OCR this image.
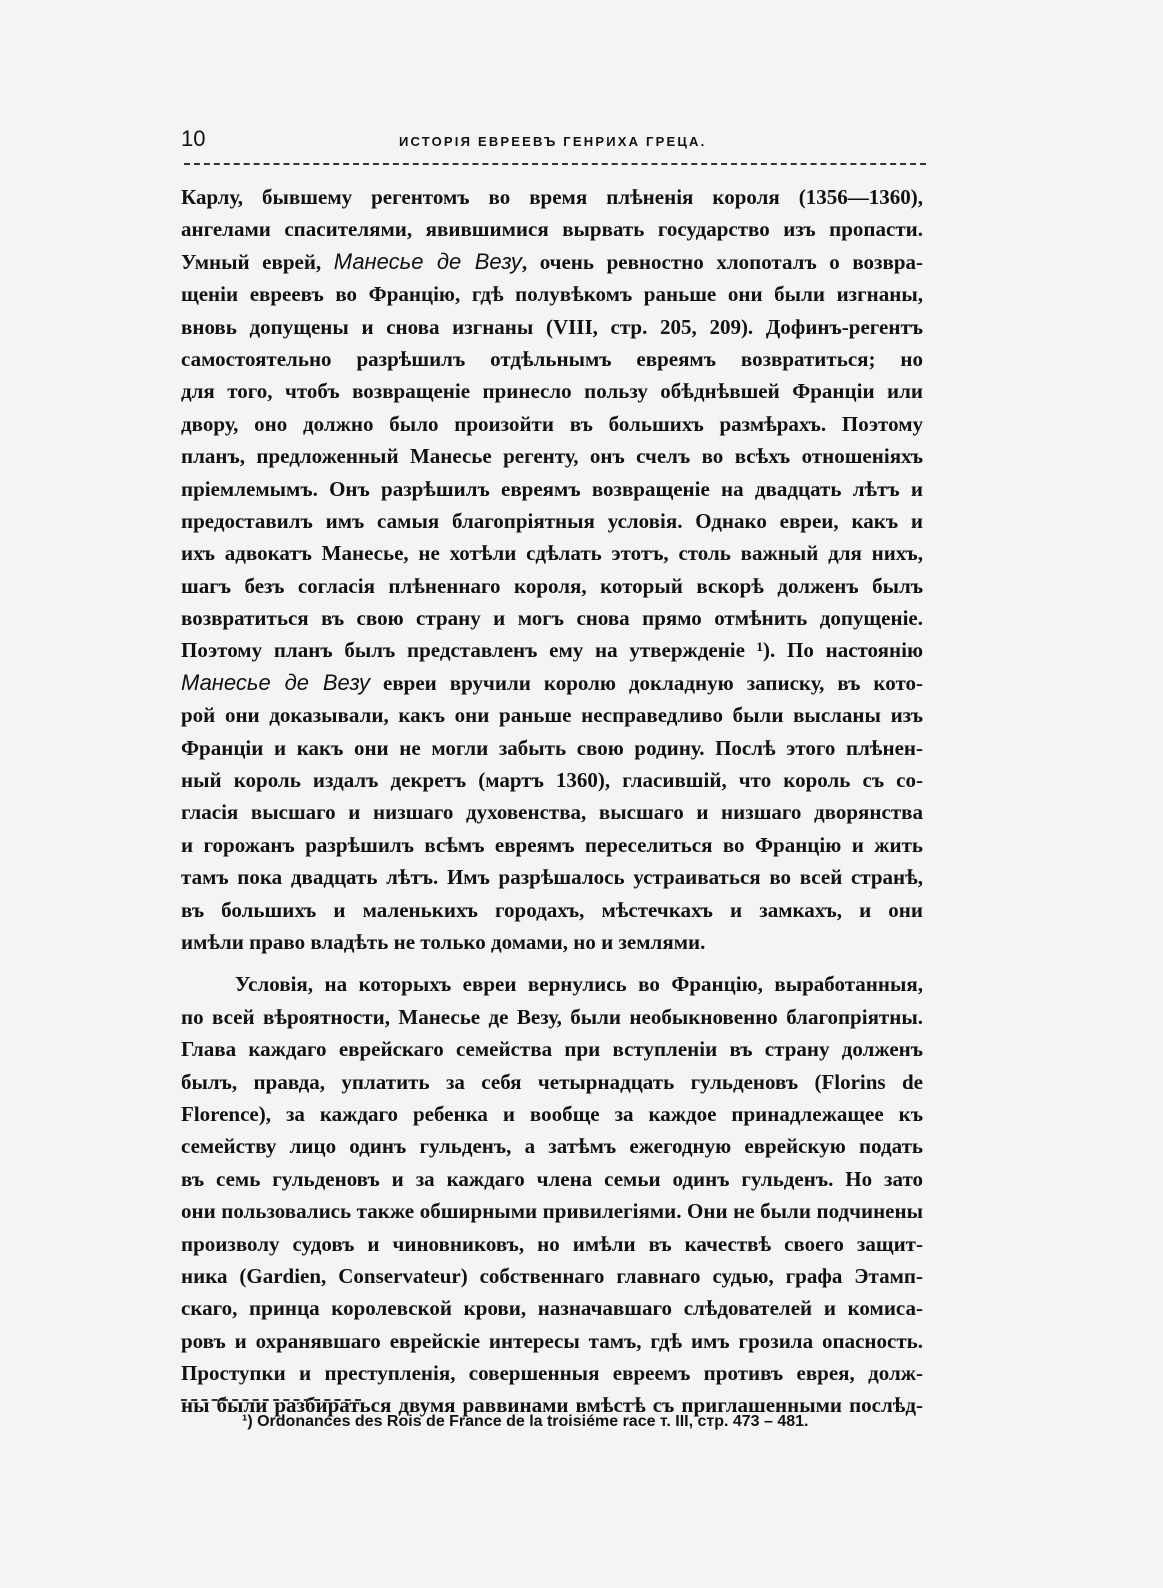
10	ИСТОРІЯ ЕВРЕЕВЪ ГЕНРИХА ГРЕЦА.
Карлу, бывшему регентомъ во время плѣненія короля (1356—1360),
ангелами спасителями, явившимися вырвать государство изъ пропасти.
Умный еврей, Манесье де Везу, очень ревностно хлопоталъ о возвра-
щеніи евреевъ во Францію, гдѣ полувѣкомъ раньше они были изгнаны,
вновь допущены и снова изгнаны (VIII, стр. 205, 209). Дофинъ-регентъ
самостоятельно разрѣшилъ отдѣльнымъ евреямъ возвратиться; но
для того, чтобъ возвращеніе принесло пользу обѣднѣвшей Франціи или
двору, оно должно было произойти въ большихъ размѣрахъ. Поэтому
планъ, предложенный Манесье регенту, онъ счелъ во всѣхъ отношеніяхъ
пріемлемымъ. Онъ разрѣшилъ евреямъ возвращеніе на двадцать лѣтъ и
предоставилъ имъ самыя благопріятныя условія. Однако евреи, какъ и
ихъ адвокатъ Манесье, не хотѣли сдѣлать этотъ, столь важный для нихъ,
шагъ безъ согласія плѣненнаго короля, который вскорѣ долженъ былъ
возвратиться въ свою страну и могъ снова прямо отмѣнить допущеніе.
Поэтому планъ былъ представленъ ему на утвержденіе ¹). По настоянію
Манесье де Везу евреи вручили королю докладную записку, въ кото-
рой они доказывали, какъ они раньше несправедливо были высланы изъ
Франціи и какъ они не могли забыть свою родину. Послѣ этого плѣнен-
ный король издалъ декретъ (мартъ 1360), гласившій, что король съ со-
гласія высшаго и низшаго духовенства, высшаго и низшаго дворянства
и горожанъ разрѣшилъ всѣмъ евреямъ переселиться во Францію и жить
тамъ пока двадцать лѣтъ. Имъ разрѣшалось устраиваться во всей странѣ,
въ большихъ и маленькихъ городахъ, мѣстечкахъ и замкахъ, и они
имѣли право владѣть не только домами, но и землями.
Условія, на которыхъ евреи вернулись во Францію, выработанныя,
по всей вѣроятности, Манесье де Везу, были необыкновенно благопріятны.
Глава каждаго еврейскаго семейства при вступленіи въ страну долженъ
былъ, правда, уплатить за себя четырнадцать гульденовъ (Florins de
Florence), за каждаго ребенка и вообще за каждое принадлежащее къ
семейству лицо одинъ гульденъ, а затѣмъ ежегодную еврейскую подать
въ семь гульденовъ и за каждаго члена семьи одинъ гульденъ. Но зато
они пользовались также обширными привилегіями. Они не были подчинены
произволу судовъ и чиновниковъ, но имѣли въ качествѣ своего защит-
ника (Gardien, Conservateur) собственнаго главнаго судью, графа Этамп-
скаго, принца королевской крови, назначавшаго слѣдователей и комиса-
ровъ и охранявшаго еврейскіе интересы тамъ, гдѣ имъ грозила опасность.
Проступки и преступленія, совершенныя евреемъ противъ еврея, долж-
ны были разбираться двумя раввинами вмѣстѣ съ приглашенными послѣд-
¹) Ordonances des Rois de France de la troisiéme race т. III, стр. 473 – 481.
